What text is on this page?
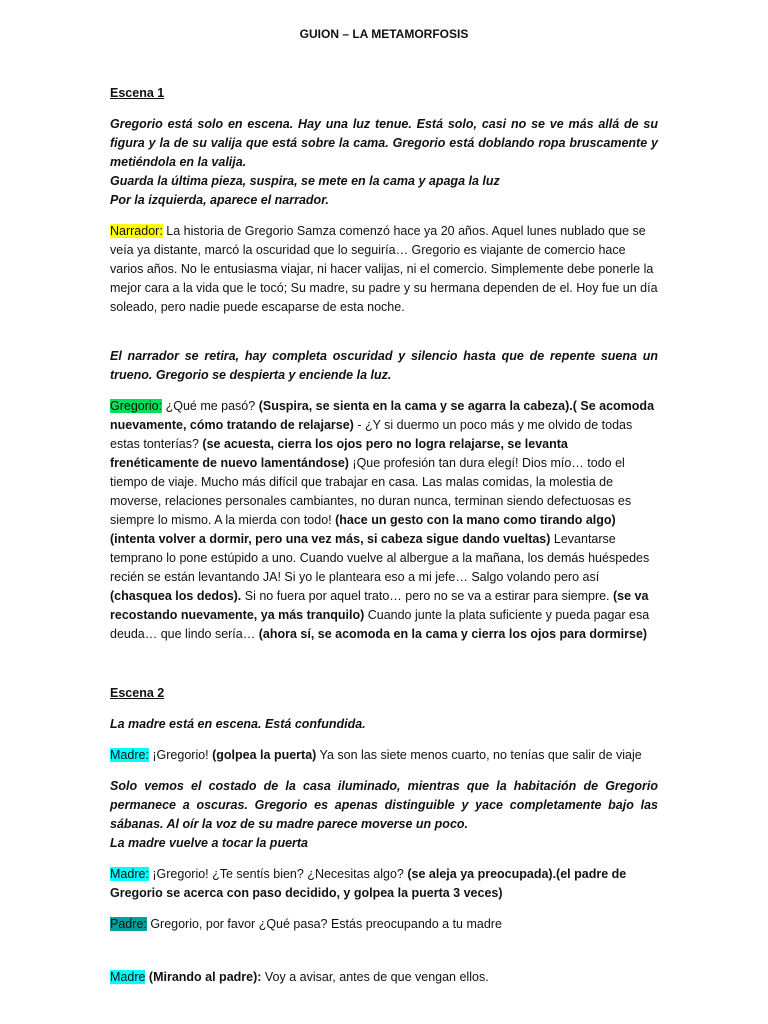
GUION – LA METAMORFOSIS
Escena 1
Gregorio está solo en escena. Hay una luz tenue. Está solo, casi no se ve más allá de su figura y la de su valija que está sobre la cama. Gregorio está doblando ropa bruscamente y metiéndola en la valija.
Guarda la última pieza, suspira, se mete en la cama y apaga la luz
Por la izquierda, aparece el narrador.

Narrador: La historia de Gregorio Samza comenzó hace ya 20 años. Aquel lunes nublado que se veía ya distante, marcó la oscuridad que lo seguiría… Gregorio es viajante de comercio hace varios años. No le entusiasma viajar, ni hacer valijas, ni el comercio. Simplemente debe ponerle la mejor cara a la vida que le tocó; Su madre, su padre y su hermana dependen de el. Hoy fue un día soleado, pero nadie puede escaparse de esta noche.

El narrador se retira, hay completa oscuridad y silencio hasta que de repente suena un trueno. Gregorio se despierta y enciende la luz.

Gregorio: ¿Qué me pasó? (Suspira, se sienta en la cama y se agarra la cabeza).( Se acomoda nuevamente, cómo tratando de relajarse) - ¿Y si duermo un poco más y me olvido de todas estas tonterías? (se acuesta, cierra los ojos pero no logra relajarse, se levanta frenéticamente de nuevo lamentándose) ¡Que profesión tan dura elegí! Dios mío… todo el tiempo de viaje. Mucho más difícil que trabajar en casa. Las malas comidas, la molestia de moverse, relaciones personales cambiantes, no duran nunca, terminan siendo defectuosas es siempre lo mismo. A la mierda con todo! (hace un gesto con la mano como tirando algo) (intenta volver a dormir, pero una vez más, si cabeza sigue dando vueltas) Levantarse temprano lo pone estúpido a uno. Cuando vuelve al albergue a la mañana, los demás huéspedes recién se están levantando JA! Si yo le planteara eso a mi jefe… Salgo volando pero así (chasquea los dedos). Si no fuera por aquel trato… pero no se va a estirar para siempre. (se va recostando nuevamente, ya más tranquilo) Cuando junte la plata suficiente y pueda pagar esa deuda… que lindo sería… (ahora sí, se acomoda en la cama y cierra los ojos para dormirse)

Escena 2
La madre está en escena. Está confundida.

Madre: ¡Gregorio! (golpea la puerta) Ya son las siete menos cuarto, no tenías que salir de viaje

Solo vemos el costado de la casa iluminado, mientras que la habitación de Gregorio permanece a oscuras. Gregorio es apenas distinguible y yace completamente bajo las sábanas. Al oír la voz de su madre parece moverse un poco.
La madre vuelve a tocar la puerta

Madre: ¡Gregorio! ¿Te sentís bien? ¿Necesitas algo? (se aleja ya preocupada).(el padre de Gregorio se acerca con paso decidido, y golpea la puerta 3 veces)

Padre: Gregorio, por favor ¿Qué pasa? Estás preocupando a tu madre

Madre (Mirando al padre): Voy a avisar, antes de que vengan ellos.
